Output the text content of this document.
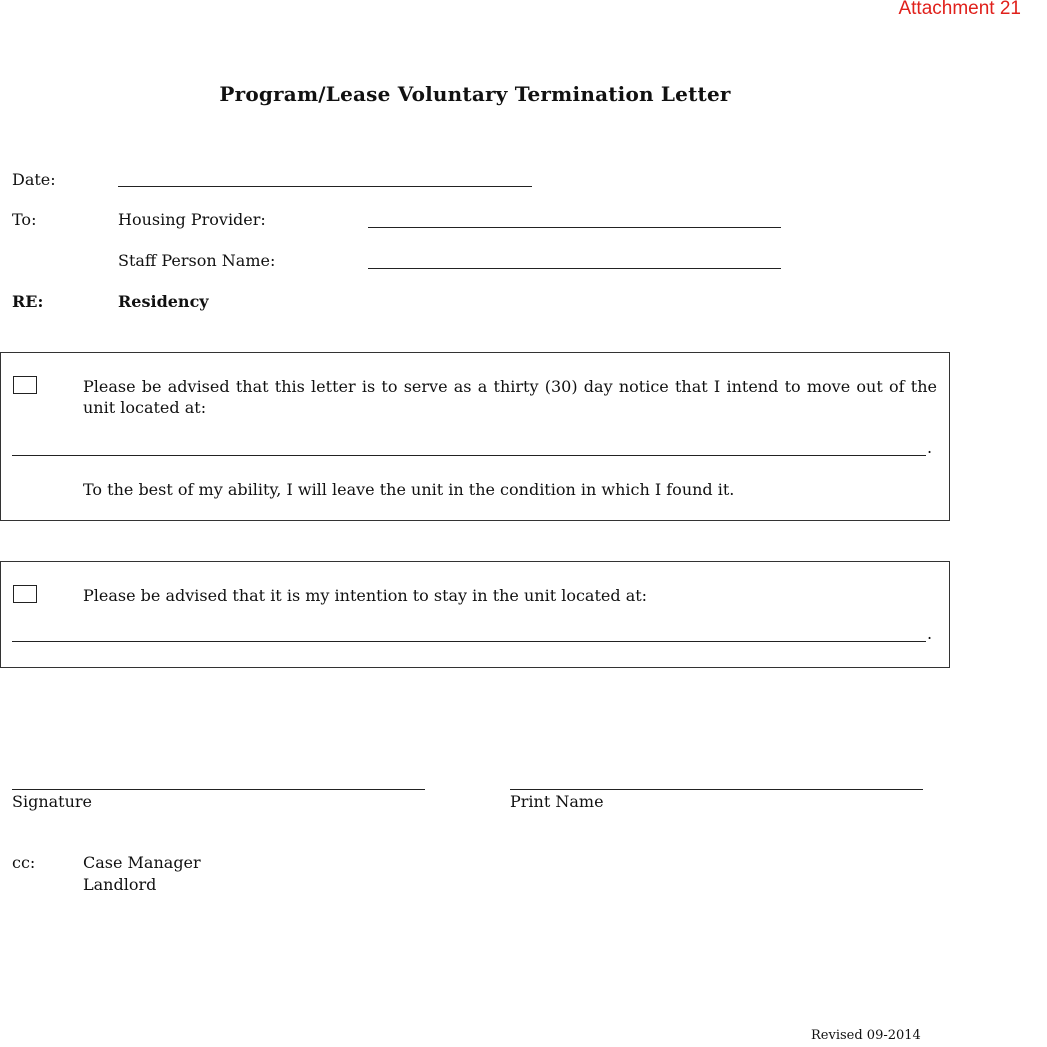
Attachment 21
Program/Lease Voluntary Termination Letter
Date:
To:	Housing Provider:
Staff Person Name:
RE:	Residency
Please be advised that this letter is to serve as a thirty (30) day notice that I intend to move out of the unit located at:
.
To the best of my ability, I will leave the unit in the condition in which I found it.
Please be advised that it is my intention to stay in the unit located at:
.
Signature	Print Name
cc:	Case Manager
Landlord
Revised 09-2014
